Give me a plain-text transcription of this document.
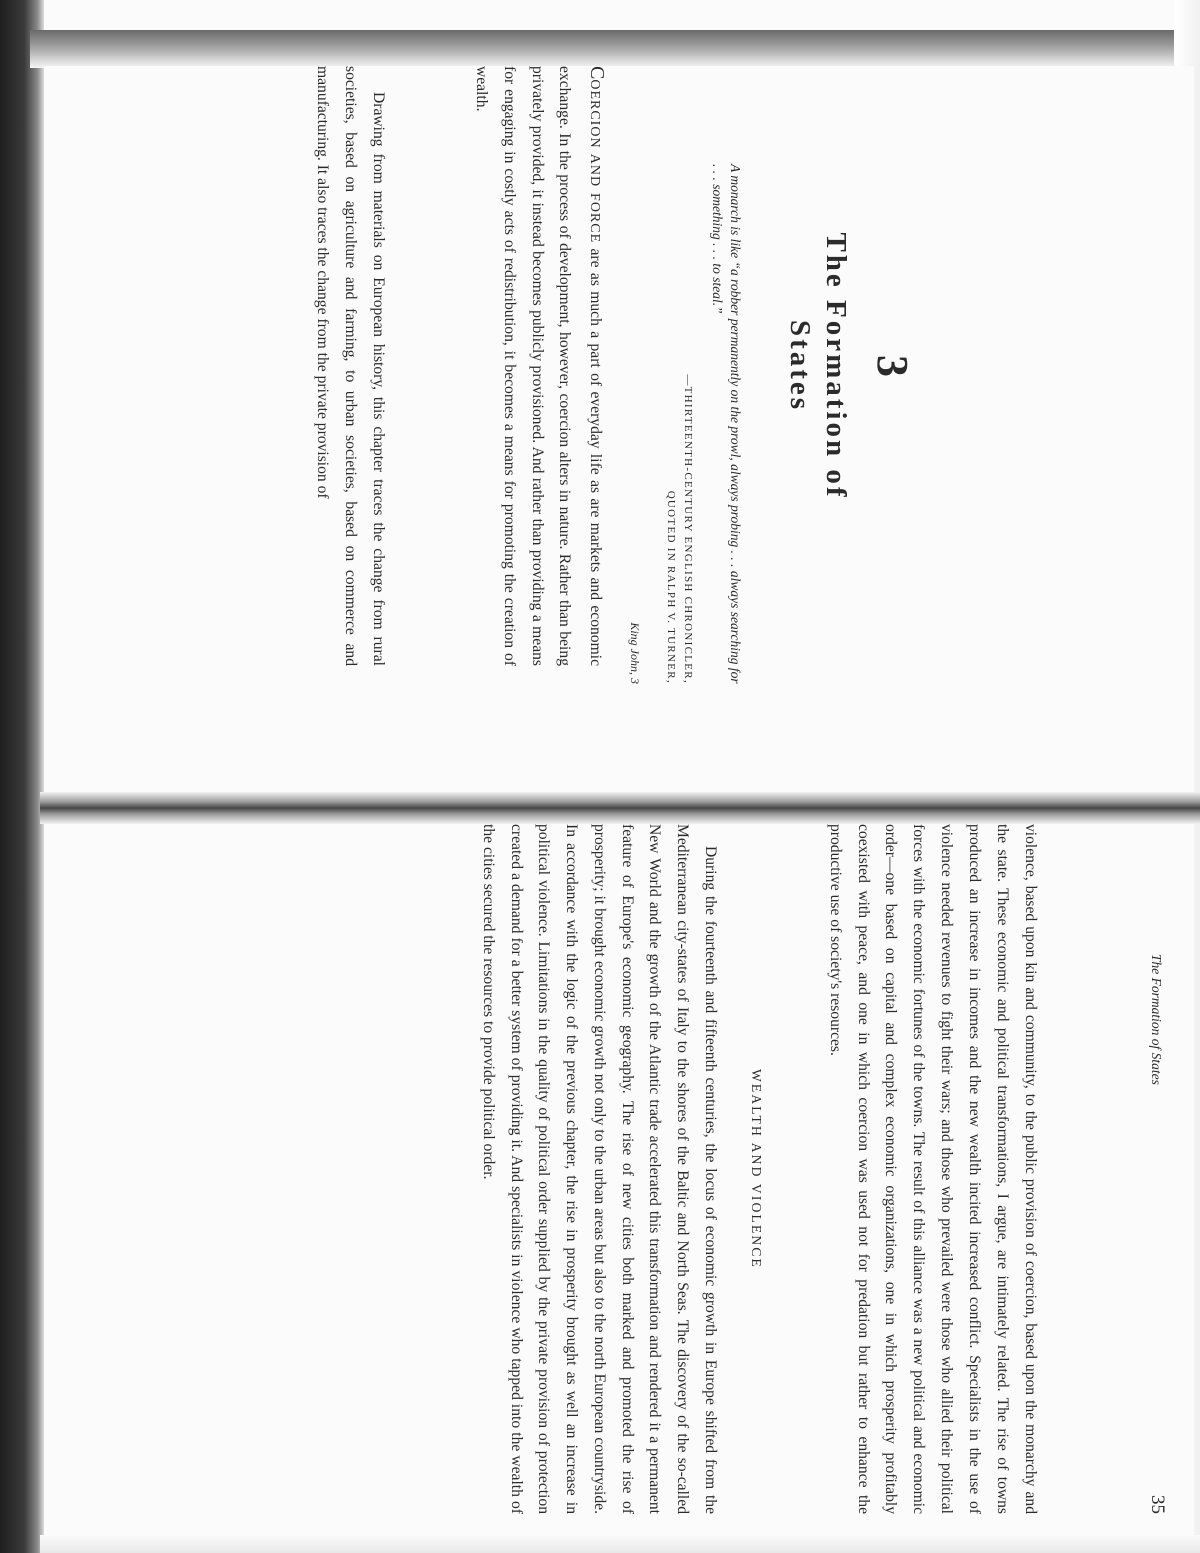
3
The Formation of
States
A monarch is like “a robber permanently on the prowl, always probing . . . always searching for . . . something . . . to steal.”
—THIRTEENTH-CENTURY ENGLISH CHRONICLER,
QUOTED IN RALPH V. TURNER,
King John, 3

COERCION AND FORCE are as much a part of everyday life as are markets and economic exchange. In the process of development, however, coercion alters in nature. Rather than being privately provided, it instead becomes publicly provisioned. And rather than providing a means for engaging in costly acts of redistribution, it becomes a means for promoting the creation of wealth.

Drawing from materials on European history, this chapter traces the change from rural societies, based on agriculture and farming, to urban societies, based on commerce and manufacturing. It also traces the change from the private provision of

The Formation of States
35

violence, based upon kin and community, to the public provision of coercion, based upon the monarchy and the state. These economic and political transformations, I argue, are intimately related. The rise of towns produced an increase in incomes and the new wealth incited increased conflict. Specialists in the use of violence needed revenues to fight their wars; and those who prevailed were those who allied their political forces with the economic fortunes of the towns. The result of this alliance was a new political and economic order—one based on capital and complex economic organizations, one in which prosperity profitably coexisted with peace, and one in which coercion was used not for predation but rather to enhance the productive use of society's resources.

WEALTH AND VIOLENCE

During the fourteenth and fifteenth centuries, the locus of economic growth in Europe shifted from the Mediterranean city-states of Italy to the shores of the Baltic and North Seas. The discovery of the so-called New World and the growth of the Atlantic trade accelerated this transformation and rendered it a permanent feature of Europe's economic geography. The rise of new cities both marked and promoted the rise of prosperity; it brought economic growth not only to the urban areas but also to the north European countryside. In accordance with the logic of the previous chapter, the rise in prosperity brought as well an increase in political violence. Limitations in the quality of political order supplied by the private provision of protection created a demand for a better system of providing it. And specialists in violence who tapped into the wealth of the cities secured the resources to provide political order.
